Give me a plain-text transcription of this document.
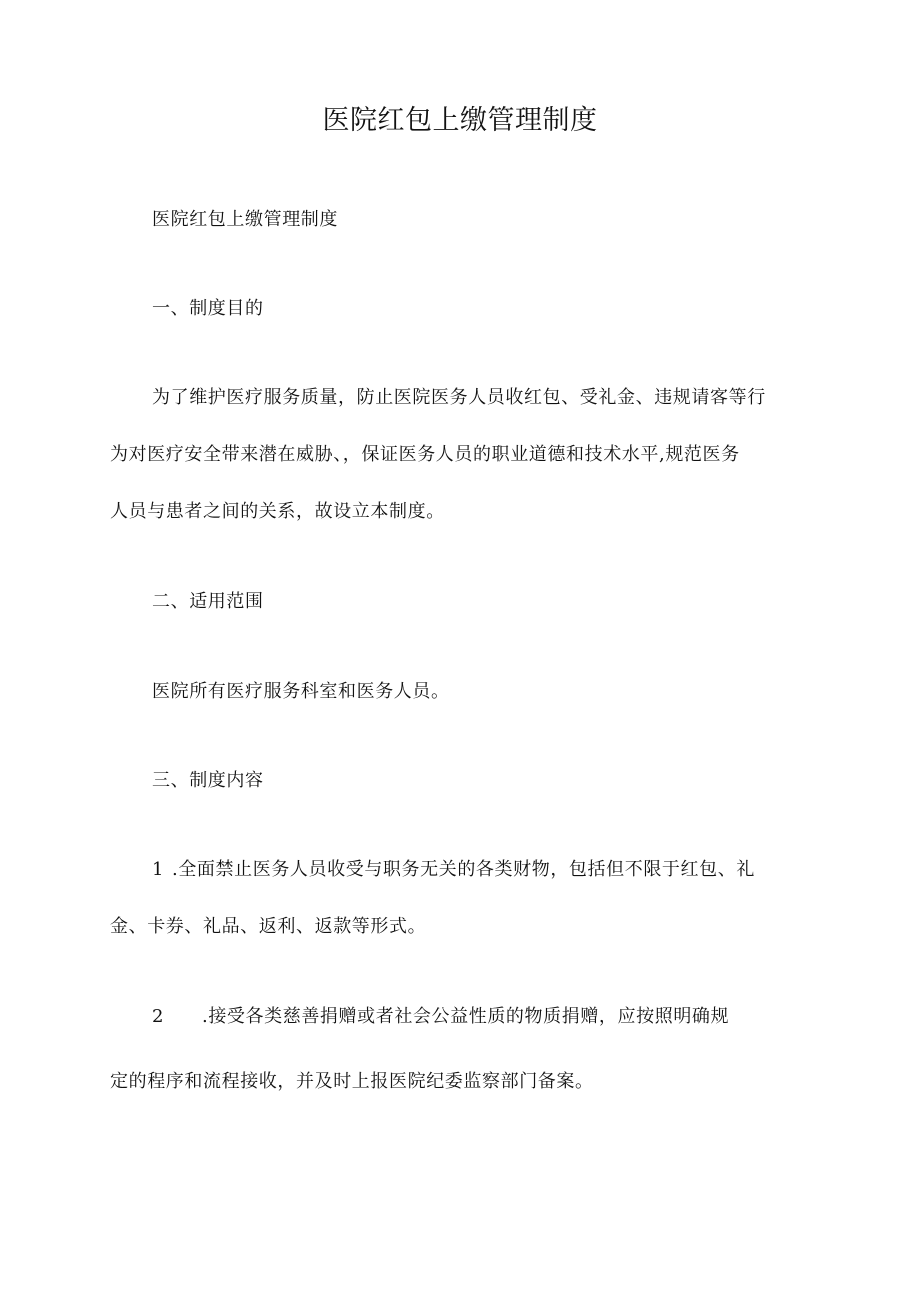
医院红包上缴管理制度

医院红包上缴管理制度

一、制度目的

为了维护医疗服务质量，防止医院医务人员收红包、受礼金、违规请客等行

为对医疗安全带来潜在威胁、，保证医务人员的职业道德和技术水平,规范医务

人员与患者之间的关系，故设立本制度。

二、适用范围

医院所有医疗服务科室和医务人员。

三、制度内容

1 .全面禁止医务人员收受与职务无关的各类财物，包括但不限于红包、礼

金、卡券、礼品、返利、返款等形式。

2 .接受各类慈善捐赠或者社会公益性质的物质捐赠，应按照明确规

定的程序和流程接收，并及时上报医院纪委监察部门备案。
